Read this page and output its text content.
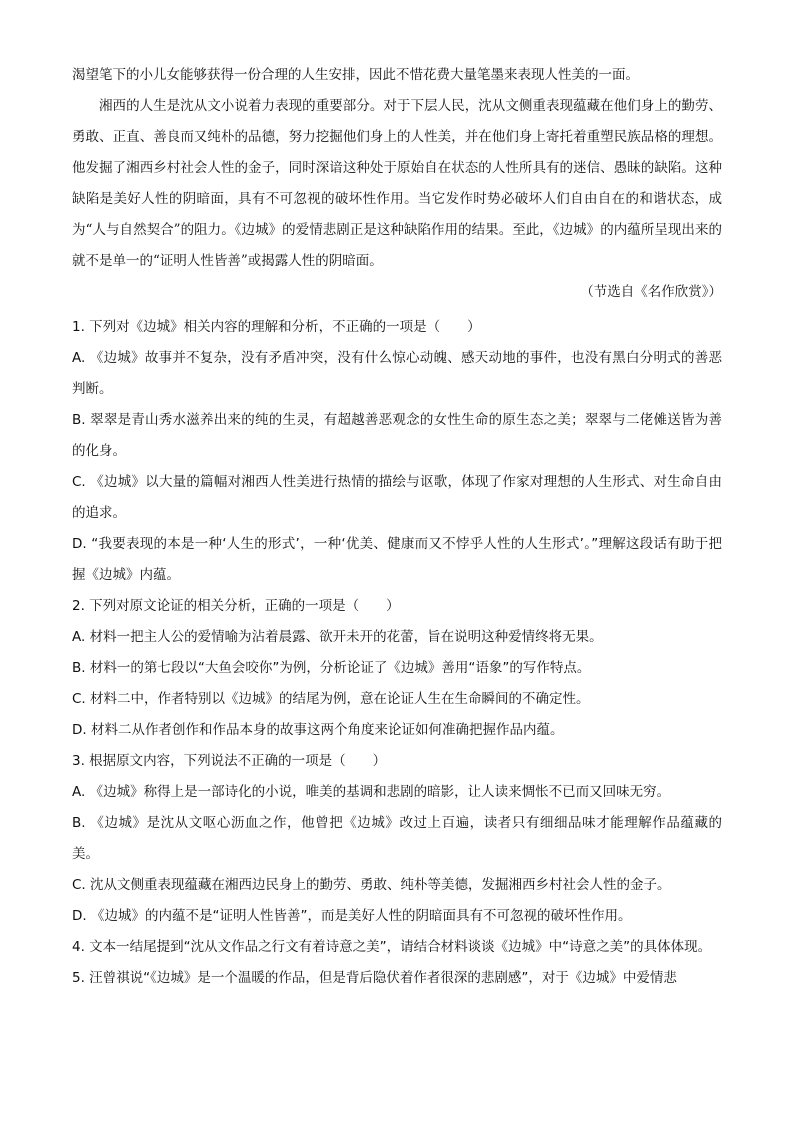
渴望笔下的小儿女能够获得一份合理的人生安排，因此不惜花费大量笔墨来表现人性美的一面。

湘西的人生是沈从文小说着力表现的重要部分。对于下层人民，沈从文侧重表现蕴藏在他们身上的勤劳、勇敢、正直、善良而又纯朴的品德，努力挖掘他们身上的人性美，并在他们身上寄托着重塑民族品格的理想。他发掘了湘西乡村社会人性的金子，同时深谙这种处于原始自在状态的人性所具有的迷信、愚昧的缺陷。这种缺陷是美好人性的阴暗面，具有不可忽视的破坏性作用。当它发作时势必破坏人们自由自在的和谐状态，成为“人与自然契合”的阻力。《边城》的爱情悲剧正是这种缺陷作用的结果。至此，《边城》的内蕴所呈现出来的就不是单一的“证明人性皆善”或揭露人性的阴暗面。

（节选自《名作欣赏》）

1. 下列对《边城》相关内容的理解和分析，不正确的一项是（　　）

A. 《边城》故事并不复杂，没有矛盾冲突，没有什么惊心动魄、感天动地的事件，也没有黑白分明式的善恶判断。

B. 翠翠是青山秀水滋养出来的纯的生灵，有超越善恶观念的女性生命的原生态之美；翠翠与二佬傩送皆为善的化身。

C. 《边城》以大量的篇幅对湘西人性美进行热情的描绘与讴歌，体现了作家对理想的人生形式、对生命自由的追求。

D. “我要表现的本是一种‘人生的形式’，一种‘优美、健康而又不悖乎人性的人生形式’。”理解这段话有助于把握《边城》内蕴。

2. 下列对原文论证的相关分析，正确的一项是（　　）

A. 材料一把主人公的爱情喻为沾着晨露、欲开未开的花蕾，旨在说明这种爱情终将无果。

B. 材料一的第七段以“大鱼会咬你”为例，分析论证了《边城》善用“语象”的写作特点。

C. 材料二中，作者特别以《边城》的结尾为例，意在论证人生在生命瞬间的不确定性。

D. 材料二从作者创作和作品本身的故事这两个角度来论证如何准确把握作品内蕴。

3. 根据原文内容，下列说法不正确的一项是（　　）

A. 《边城》称得上是一部诗化的小说，唯美的基调和悲剧的暗影，让人读来惆怅不已而又回味无穷。

B. 《边城》是沈从文呕心沥血之作，他曾把《边城》改过上百遍，读者只有细细品味才能理解作品蕴藏的美。

C. 沈从文侧重表现蕴藏在湘西边民身上的勤劳、勇敢、纯朴等美德，发掘湘西乡村社会人性的金子。

D. 《边城》的内蕴不是“证明人性皆善”，而是美好人性的阴暗面具有不可忽视的破坏性作用。

4. 文本一结尾提到“沈从文作品之行文有着诗意之美”，请结合材料谈谈《边城》中“诗意之美”的具体体现。

5. 汪曾祺说“《边城》是一个温暖的作品，但是背后隐伏着作者很深的悲剧感”，对于《边城》中爱情悲
